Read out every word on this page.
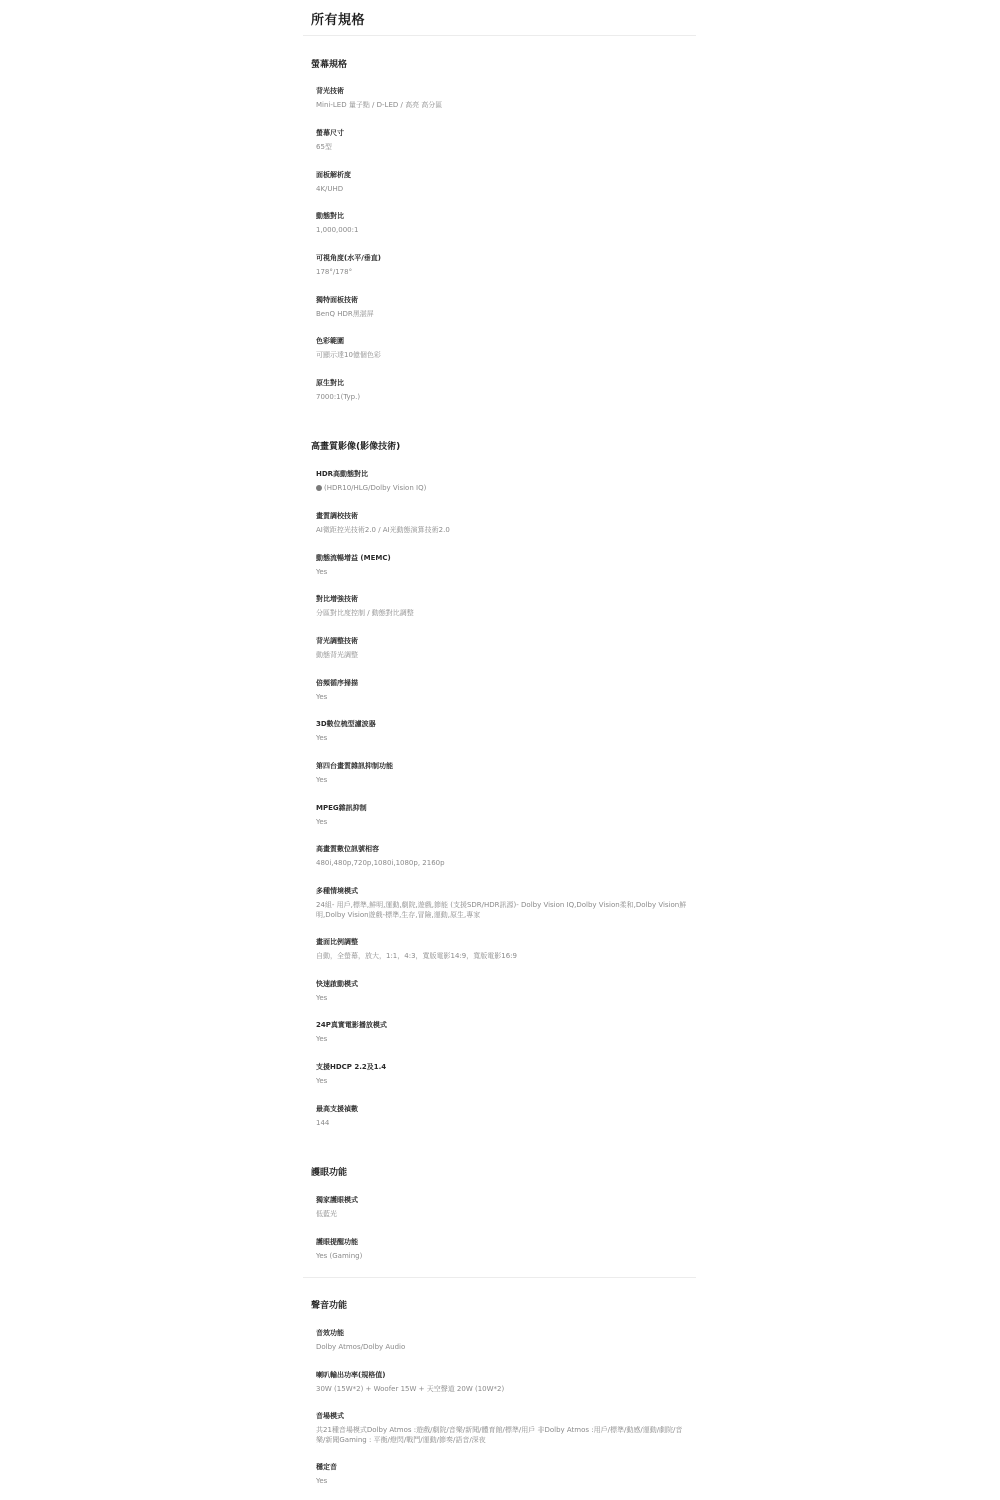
所有規格
螢幕規格
背光技術
Mini-LED 量子點 / D-LED / 高亮 高分區
螢幕尺寸
65型
面板解析度
4K/UHD
動態對比
1,000,000:1
可視角度(水平/垂直)
178°/178°
獨特面板技術
BenQ HDR黑湛屏
色彩範圍
可顯示達10億個色彩
原生對比
7000:1(Typ.)
高畫質影像(影像技術)
HDR高動態對比
(HDR10/HLG/Dolby Vision IQ)
畫質調校技術
AI微距控光技術2.0 / AI光動態演算技術2.0
動態流暢增益 (MEMC)
Yes
對比增強技術
分區對比度控制 / 動態對比調整
背光調整技術
動態背光調整
倍頻循序掃描
Yes
3D數位梳型濾波器
Yes
第四台畫質雜訊抑制功能
Yes
MPEG雜訊抑制
Yes
高畫質數位訊號相容
480i,480p,720p,1080i,1080p, 2160p
多種情境模式
24組- 用戶,標準,鮮明,運動,劇院,遊戲,節能 (支援SDR/HDR訊源)- Dolby Vision IQ,Dolby Vision柔和,Dolby Vision鮮明,Dolby Vision遊戲-標準,生存,冒險,運動,原生,專家
畫面比例調整
自動，全螢幕，放大，1:1，4:3，寬版電影14:9，寬版電影16:9
快速啟動模式
Yes
24P真實電影播放模式
Yes
支援HDCP 2.2及1.4
Yes
最高支援禎數
144
護眼功能
獨家護眼模式
低藍光
護眼提醒功能
Yes (Gaming)
聲音功能
音效功能
Dolby Atmos/Dolby Audio
喇叭輸出功率(規格值)
30W (15W*2) + Woofer 15W + 天空聲道 20W (10W*2)
音場模式
共21種音場模式Dolby Atmos :遊戲/劇院/音樂/新聞/體育館/標準/用戶 非Dolby Atmos :用戶/標準/動感/運動/劇院/音樂/新聞Gaming : 平衡/燈閃/戰鬥/運動/節奏/語音/深夜
穩定音
Yes
